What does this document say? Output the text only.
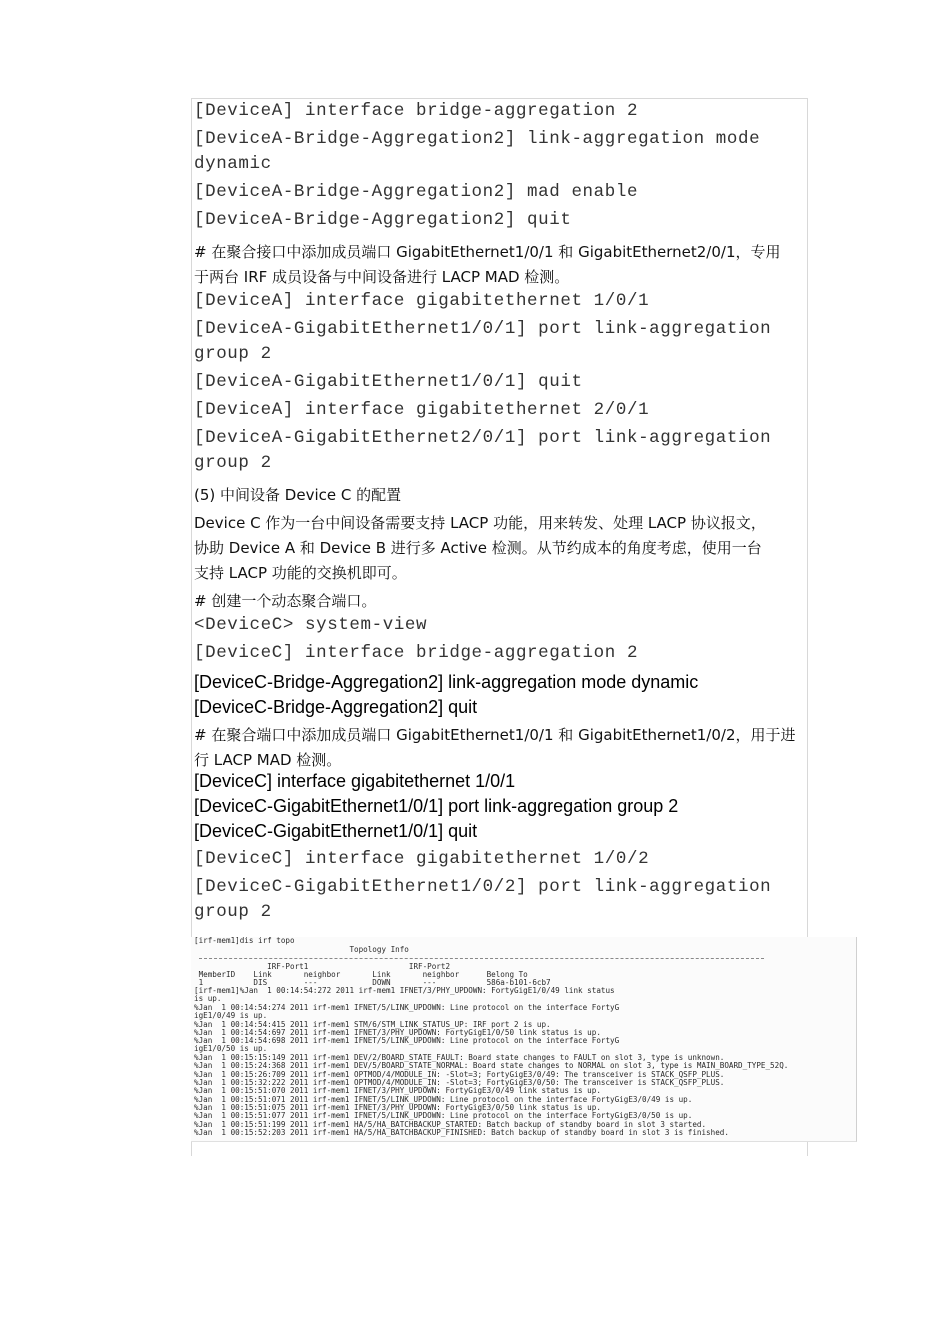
[DeviceA] interface bridge-aggregation 2
[DeviceA-Bridge-Aggregation2] link-aggregation mode
dynamic
[DeviceA-Bridge-Aggregation2] mad enable
[DeviceA-Bridge-Aggregation2] quit
# 在聚合接口中添加成员端口 GigabitEthernet1/0/1 和 GigabitEthernet2/0/1，专用
于两台 IRF 成员设备与中间设备进行 LACP MAD 检测。
[DeviceA] interface gigabitethernet 1/0/1
[DeviceA-GigabitEthernet1/0/1] port link-aggregation
group 2
[DeviceA-GigabitEthernet1/0/1] quit
[DeviceA] interface gigabitethernet 2/0/1
[DeviceA-GigabitEthernet2/0/1] port link-aggregation
group 2
(5) 中间设备 Device C 的配置
Device C 作为一台中间设备需要支持 LACP 功能，用来转发、处理 LACP 协议报文，
协助 Device A 和 Device B 进行多 Active 检测。从节约成本的角度考虑，使用一台
支持 LACP 功能的交换机即可。
# 创建一个动态聚合端口。
<DeviceC> system-view
[DeviceC] interface bridge-aggregation 2
[DeviceC-Bridge-Aggregation2] link-aggregation mode dynamic
[DeviceC-Bridge-Aggregation2] quit
# 在聚合端口中添加成员端口 GigabitEthernet1/0/1 和 GigabitEthernet1/0/2，用于进
行 LACP MAD 检测。
[DeviceC] interface gigabitethernet 1/0/1
[DeviceC-GigabitEthernet1/0/1] port link-aggregation group 2
[DeviceC-GigabitEthernet1/0/1] quit
[DeviceC] interface gigabitethernet 1/0/2
[DeviceC-GigabitEthernet1/0/2] port link-aggregation
group 2
[irf-mem1]dis irf topo
Topology Info
IRF-Port1                      IRF-Port2
MemberID    Link       neighbor       Link       neighbor      Belong To
1           DIS        ---            DOWN       ---           586a-b101-6cb7
[irf-mem1]%Jan  1 00:14:54:272 2011 irf-mem1 IFNET/3/PHY_UPDOWN: FortyGigE1/0/49 link status
is up.
%Jan  1 00:14:54:274 2011 irf-mem1 IFNET/5/LINK_UPDOWN: Line protocol on the interface FortyG
igE1/0/49 is up.
%Jan  1 00:14:54:415 2011 irf-mem1 STM/6/STM_LINK_STATUS_UP: IRF port 2 is up.
%Jan  1 00:14:54:697 2011 irf-mem1 IFNET/3/PHY_UPDOWN: FortyGigE1/0/50 link status is up.
%Jan  1 00:14:54:698 2011 irf-mem1 IFNET/5/LINK_UPDOWN: Line protocol on the interface FortyG
igE1/0/50 is up.
%Jan  1 00:15:15:149 2011 irf-mem1 DEV/2/BOARD_STATE_FAULT: Board state changes to FAULT on slot 3, type is unknown.
%Jan  1 00:15:24:368 2011 irf-mem1 DEV/5/BOARD_STATE_NORMAL: Board state changes to NORMAL on slot 3, type is MAIN_BOARD_TYPE_52Q.
%Jan  1 00:15:26:709 2011 irf-mem1 OPTMOD/4/MODULE_IN: -Slot=3; FortyGigE3/0/49: The transceiver is STACK_QSFP_PLUS.
%Jan  1 00:15:32:222 2011 irf-mem1 OPTMOD/4/MODULE_IN: -Slot=3; FortyGigE3/0/50: The transceiver is STACK_QSFP_PLUS.
%Jan  1 00:15:51:070 2011 irf-mem1 IFNET/3/PHY_UPDOWN: FortyGigE3/0/49 link status is up.
%Jan  1 00:15:51:071 2011 irf-mem1 IFNET/5/LINK_UPDOWN: Line protocol on the interface FortyGigE3/0/49 is up.
%Jan  1 00:15:51:075 2011 irf-mem1 IFNET/3/PHY_UPDOWN: FortyGigE3/0/50 link status is up.
%Jan  1 00:15:51:077 2011 irf-mem1 IFNET/5/LINK_UPDOWN: Line protocol on the interface FortyGigE3/0/50 is up.
%Jan  1 00:15:51:199 2011 irf-mem1 HA/5/HA_BATCHBACKUP_STARTED: Batch backup of standby board in slot 3 started.
%Jan  1 00:15:52:203 2011 irf-mem1 HA/5/HA_BATCHBACKUP_FINISHED: Batch backup of standby board in slot 3 is finished.
